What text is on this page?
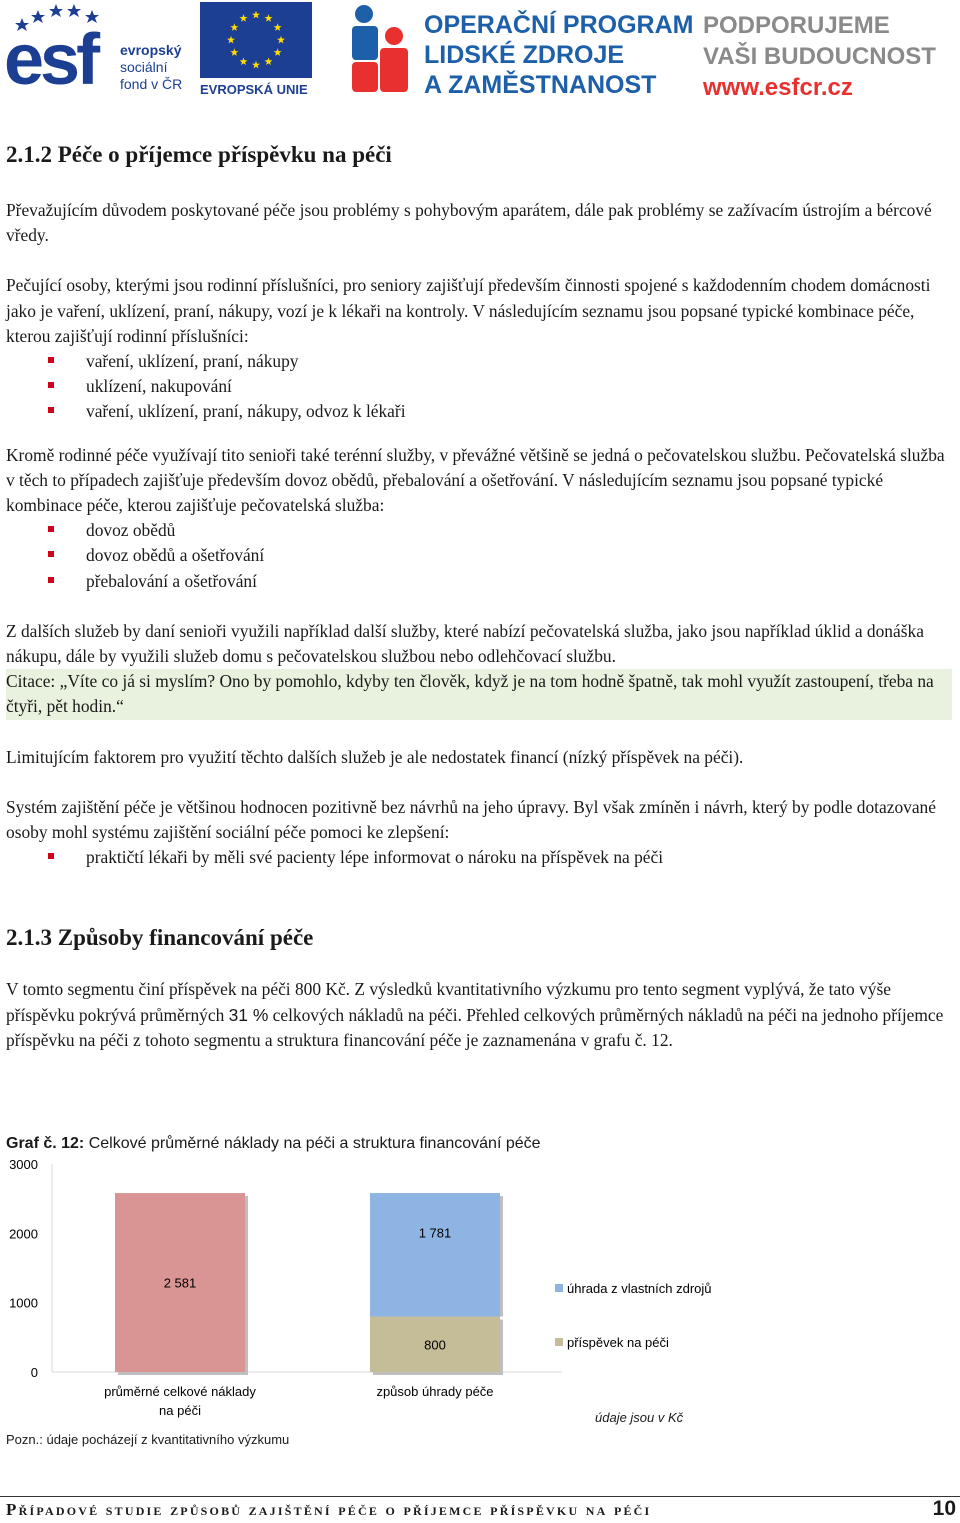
esf evropský
sociální
fond v ČR EVROPSKÁ UNIE
OPERAČNÍ PROGRAM
LIDSKÉ ZDROJE
A ZAMĚSTNANOST
PODPORUJEME
VAŠI BUDOUCNOST
www.esfcr.cz
2.1.2 Péče o příjemce příspěvku na péči

Převažujícím důvodem poskytované péče jsou problémy s pohybovým aparátem, dále pak problémy se zažívacím ústrojím a bércové vředy.

Pečující osoby, kterými jsou rodinní příslušníci, pro seniory zajišťují především činnosti spojené s každodenním chodem domácnosti jako je vaření, uklízení, praní, nákupy, vozí je k lékaři na kontroly. V následujícím seznamu jsou popsané typické kombinace péče, kterou zajišťují rodinní příslušníci:

vaření, uklízení, praní, nákupy
uklízení, nakupování
vaření, uklízení, praní, nákupy, odvoz k lékaři

Kromě rodinné péče využívají tito senioři také terénní služby, v převážné většině se jedná o pečovatelskou službu. Pečovatelská služba v těch to případech zajišťuje především dovoz obědů, přebalování a ošetřování. V následujícím seznamu jsou popsané typické kombinace péče, kterou zajišťuje pečovatelská služba:

dovoz obědů
dovoz obědů a ošetřování
přebalování a ošetřování

Z dalších služeb by daní senioři využili například další služby, které nabízí pečovatelská služba, jako jsou například úklid a donáška nákupu, dále by využili služeb domu s pečovatelskou službou nebo odlehčovací službu.

Citace: „Víte co já si myslím? Ono by pomohlo, kdyby ten člověk, když je na tom hodně špatně, tak mohl využít zastoupení, třeba na čtyři, pět hodin.“

Limitujícím faktorem pro využití těchto dalších služeb je ale nedostatek financí (nízký příspěvek na péči).

Systém zajištění péče je většinou hodnocen pozitivně bez návrhů na jeho úpravy. Byl však zmíněn i návrh, který by podle dotazované osoby mohl systému zajištění sociální péče pomoci ke zlepšení:

praktičtí lékaři by měli své pacienty lépe informovat o nároku na příspěvek na péči
2.1.3 Způsoby financování péče

V tomto segmentu činí příspěvek na péči 800 Kč. Z výsledků kvantitativního výzkumu pro tento segment vyplývá, že tato výše příspěvku pokrývá průměrných 31 % celkových nákladů na péči. Přehled celkových průměrných nákladů na péči na jednoho příjemce příspěvku na péči z tohoto segmentu a struktura financování péče je zaznamenána v grafu č. 12.

Graf č. 12: Celkové průměrné náklady na péči a struktura financování péče
0
1000
2000
3000
2 581
800
1 781
průměrné celkové náklady
na péči
způsob úhrady péče
úhrada z vlastních zdrojů
příspěvek na péči
údaje jsou v Kč
Pozn.: údaje pocházejí z kvantitativního výzkumu
Případové studie způsobů zajištění péče o příjemce příspěvku na péči	10
